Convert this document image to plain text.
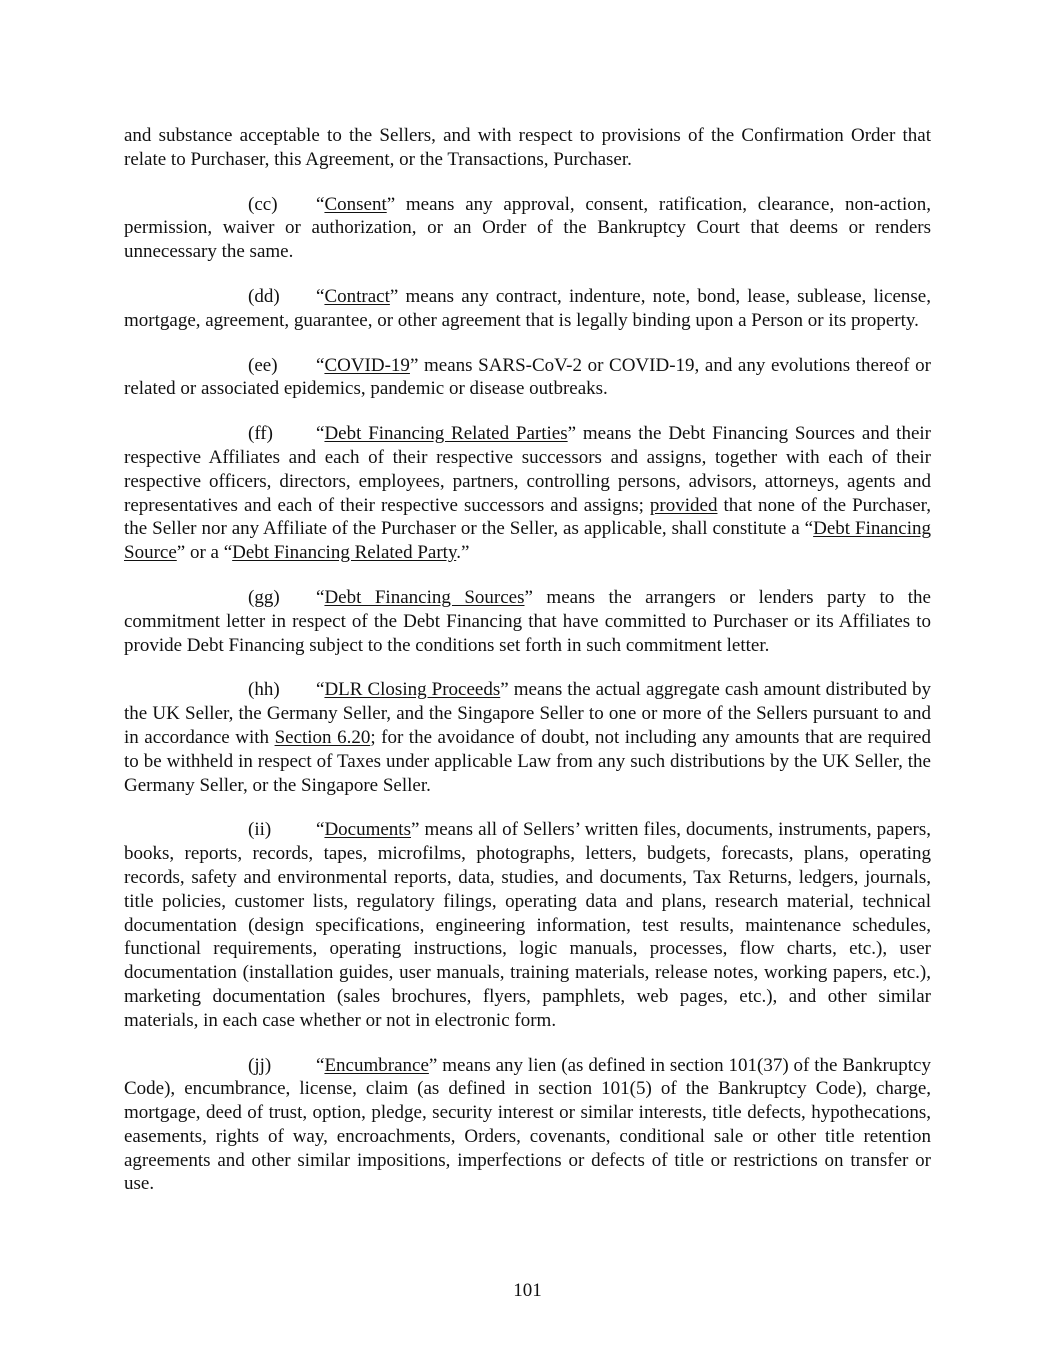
and substance acceptable to the Sellers, and with respect to provisions of the Confirmation Order that relate to Purchaser, this Agreement, or the Transactions, Purchaser.

(cc) “Consent” means any approval, consent, ratification, clearance, non-action, permission, waiver or authorization, or an Order of the Bankruptcy Court that deems or renders unnecessary the same.

(dd) “Contract” means any contract, indenture, note, bond, lease, sublease, license, mortgage, agreement, guarantee, or other agreement that is legally binding upon a Person or its property.

(ee) “COVID-19” means SARS-CoV-2 or COVID-19, and any evolutions thereof or related or associated epidemics, pandemic or disease outbreaks.

(ff) “Debt Financing Related Parties” means the Debt Financing Sources and their respective Affiliates and each of their respective successors and assigns, together with each of their respective officers, directors, employees, partners, controlling persons, advisors, attorneys, agents and representatives and each of their respective successors and assigns; provided that none of the Purchaser, the Seller nor any Affiliate of the Purchaser or the Seller, as applicable, shall constitute a “Debt Financing Source” or a “Debt Financing Related Party.”

(gg) “Debt Financing Sources” means the arrangers or lenders party to the commitment letter in respect of the Debt Financing that have committed to Purchaser or its Affiliates to provide Debt Financing subject to the conditions set forth in such commitment letter.

(hh) “DLR Closing Proceeds” means the actual aggregate cash amount distributed by the UK Seller, the Germany Seller, and the Singapore Seller to one or more of the Sellers pursuant to and in accordance with Section 6.20; for the avoidance of doubt, not including any amounts that are required to be withheld in respect of Taxes under applicable Law from any such distributions by the UK Seller, the Germany Seller, or the Singapore Seller.

(ii) “Documents” means all of Sellers’ written files, documents, instruments, papers, books, reports, records, tapes, microfilms, photographs, letters, budgets, forecasts, plans, operating records, safety and environmental reports, data, studies, and documents, Tax Returns, ledgers, journals, title policies, customer lists, regulatory filings, operating data and plans, research material, technical documentation (design specifications, engineering information, test results, maintenance schedules, functional requirements, operating instructions, logic manuals, processes, flow charts, etc.), user documentation (installation guides, user manuals, training materials, release notes, working papers, etc.), marketing documentation (sales brochures, flyers, pamphlets, web pages, etc.), and other similar materials, in each case whether or not in electronic form.

(jj) “Encumbrance” means any lien (as defined in section 101(37) of the Bankruptcy Code), encumbrance, license, claim (as defined in section 101(5) of the Bankruptcy Code), charge, mortgage, deed of trust, option, pledge, security interest or similar interests, title defects, hypothecations, easements, rights of way, encroachments, Orders, covenants, conditional sale or other title retention agreements and other similar impositions, imperfections or defects of title or restrictions on transfer or use.

101
